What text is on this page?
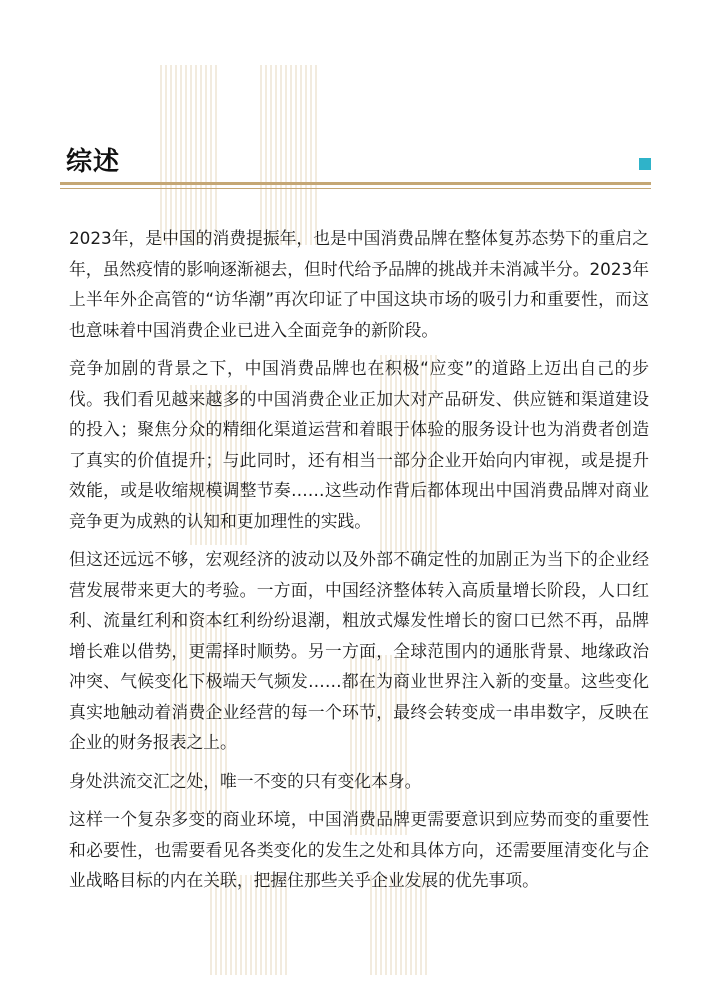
综述

2023年，是中国的消费提振年，也是中国消费品牌在整体复苏态势下的重启之年，虽然疫情的影响逐渐褪去，但时代给予品牌的挑战并未消减半分。2023年上半年外企高管的“访华潮”再次印证了中国这块市场的吸引力和重要性，而这也意味着中国消费企业已进入全面竞争的新阶段。

竞争加剧的背景之下，中国消费品牌也在积极“应变”的道路上迈出自己的步伐。我们看见越来越多的中国消费企业正加大对产品研发、供应链和渠道建设的投入；聚焦分众的精细化渠道运营和着眼于体验的服务设计也为消费者创造了真实的价值提升；与此同时，还有相当一部分企业开始向内审视，或是提升效能，或是收缩规模调整节奏……这些动作背后都体现出中国消费品牌对商业竞争更为成熟的认知和更加理性的实践。

但这还远远不够，宏观经济的波动以及外部不确定性的加剧正为当下的企业经营发展带来更大的考验。一方面，中国经济整体转入高质量增长阶段，人口红利、流量红利和资本红利纷纷退潮，粗放式爆发性增长的窗口已然不再，品牌增长难以借势，更需择时顺势。另一方面，全球范围内的通胀背景、地缘政治冲突、气候变化下极端天气频发……都在为商业世界注入新的变量。这些变化真实地触动着消费企业经营的每一个环节，最终会转变成一串串数字，反映在企业的财务报表之上。

身处洪流交汇之处，唯一不变的只有变化本身。

这样一个复杂多变的商业环境，中国消费品牌更需要意识到应势而变的重要性和必要性，也需要看见各类变化的发生之处和具体方向，还需要厘清变化与企业战略目标的内在关联，把握住那些关乎企业发展的优先事项。
